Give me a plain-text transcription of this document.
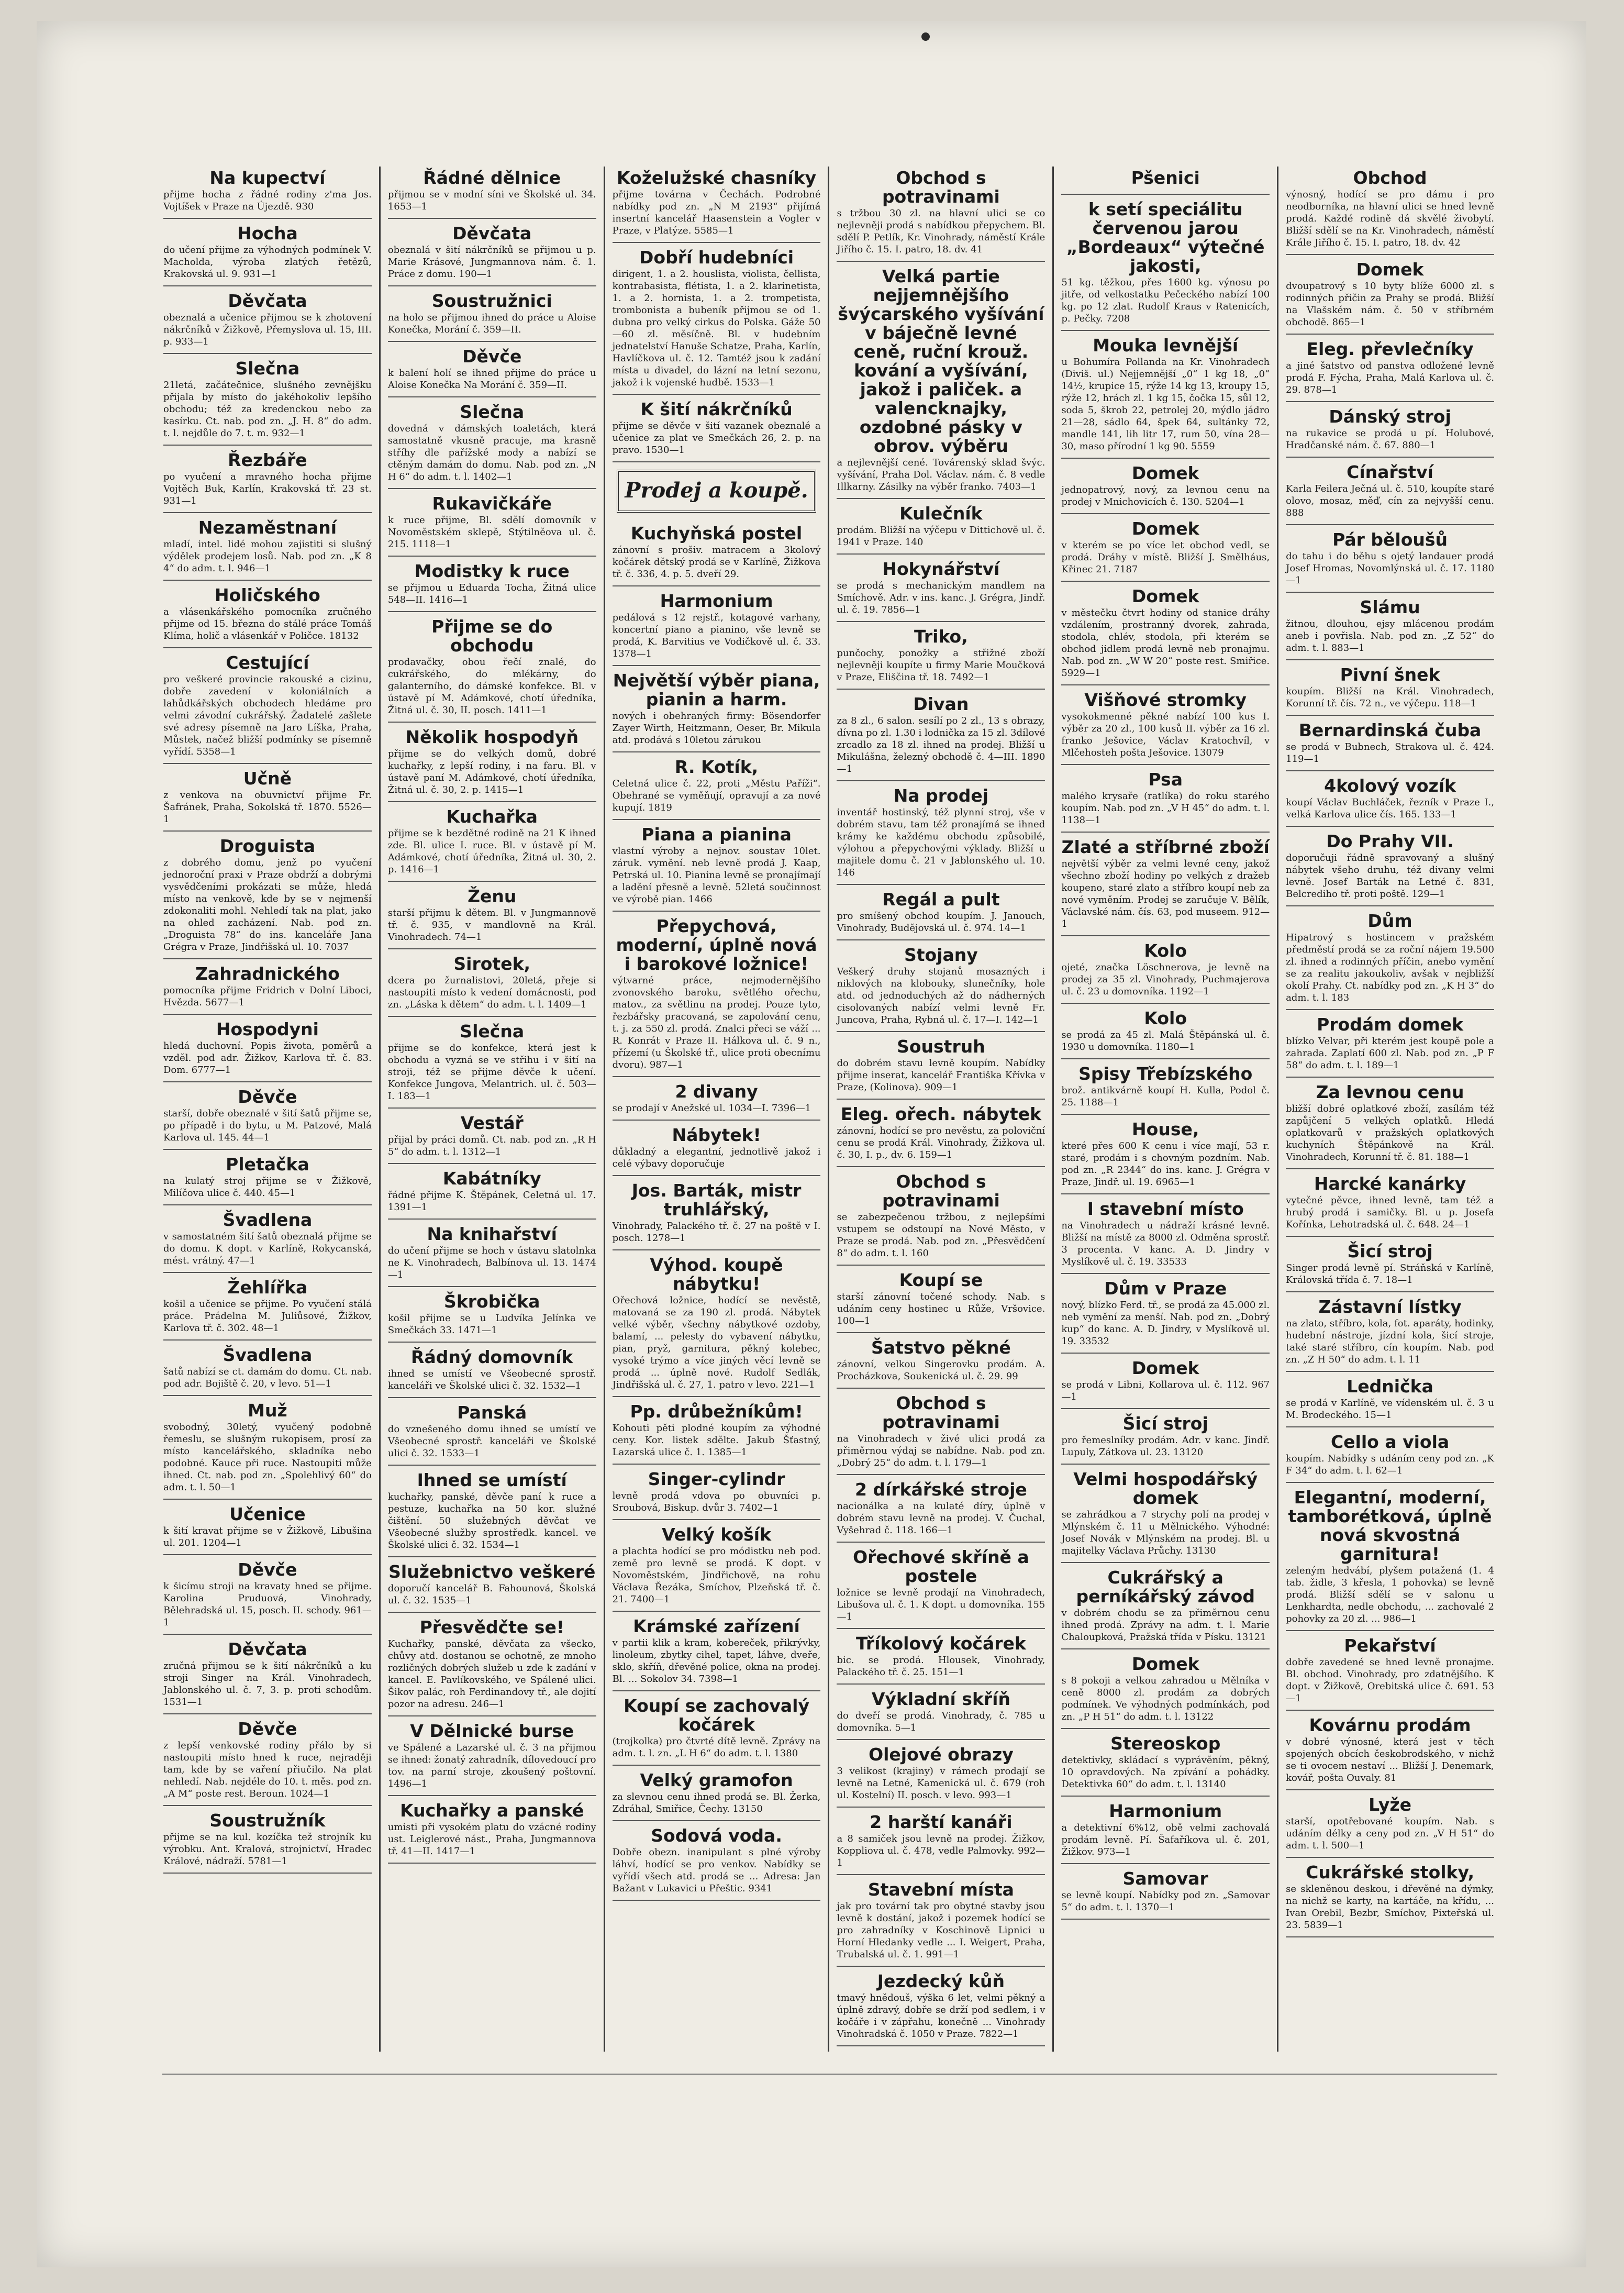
Na kupectví

přijme hocha z řádné rodiny z'ma Jos. Vojtíšek v Praze na Újezdě. 930

Hocha

do učení přijme za výhodných podmínek V. Macholda, výroba zlatých řetězů, Krakovská ul. 9. 931—1

Děvčata

obeznalá a učenice přijmou se k zhotovení nákrčníků v Žižkově, Přemyslova ul. 15, III. p. 933—1

Slečna

21letá, začátečnice, slušného zevnějšku přijala by místo do jakéhokoliv lepšího obchodu; též za kredenckou nebo za kasírku. Ct. nab. pod zn. „J. H. 8“ do adm. t. l. nejdůle do 7. t. m. 932—1

Řezbáře

po vyučení a mravného hocha přijme Vojtěch Buk, Karlín, Krakovská tř. 23 st. 931—1

Nezaměstnaní

mladí, intel. lidé mohou zajistiti si slušný výdělek prodejem losů. Nab. pod zn. „K 8 4“ do adm. t. l. 946—1

Holičského

a vlásenkářského pomocníka zručného přijme od 15. března do stálé práce Tomáš Klíma, holič a vlásenkář v Poličce. 18132

Cestující

pro veškeré provincie rakouské a cizinu, dobře zavedení v koloniálních a lahůdkářských obchodech hledáme pro velmi závodní cukrářský. Žadatelé zašlete své adresy písemně na Jaro Líška, Praha, Můstek, načež bližší podmínky se písemně vyřídí. 5358—1

Učně

z venkova na obuvnictví přijme Fr. Šafránek, Praha, Sokolská tř. 1870. 5526—1

Droguista

z dobrého domu, jenž po vyučení jednoroční praxi v Praze obdrží a dobrými vysvědčeními prokázati se může, hledá místo na venkově, kde by se v nejmenší zdokonaliti mohl. Nehledí tak na plat, jako na ohled zacházení. Nab. pod zn. „Droguista 78“ do ins. kanceláře Jana Grégra v Praze, Jindřišská ul. 10. 7037

Zahradnického

pomocníka přijme Fridrich v Dolní Liboci, Hvězda. 5677—1

Hospodyni

hledá duchovní. Popis života, poměrů a vzděl. pod adr. Žižkov, Karlova tř. č. 83. Dom. 6777—1

Děvče

starší, dobře obeznalé v šití šatů přijme se, po případě i do bytu, u M. Patzové, Malá Karlova ul. 145. 44—1

Pletačka

na kulatý stroj přijme se v Žižkově, Milíčova ulice č. 440. 45—1

Švadlena

v samostatném šití šatů obeznalá přijme se do domu. K dopt. v Karlíně, Rokycanská, mést. vrátný. 47—1

Žehlířka

košil a učenice se přijme. Po vyučení stálá práce. Prádelna M. Juliůsové, Žižkov, Karlova tř. č. 302. 48—1

Švadlena

šatů nabízí se ct. damám do domu. Ct. nab. pod adr. Bojiště č. 20, v levo. 51—1

Muž

svobodný, 30letý, vyučený podobně řemeslu, se slušným rukopisem, prosí za místo kancelářského, skladníka nebo podobné. Kauce při ruce. Nastoupiti může ihned. Ct. nab. pod zn. „Spolehlivý 60“ do adm. t. l. 50—1

Učenice

k šití kravat přijme se v Žižkově, Libušina ul. 201. 1204—1

Děvče

k šicímu stroji na kravaty hned se přijme. Karolina Pruduová, Vinohrady, Bělehradská ul. 15, posch. II. schody. 961—1

Děvčata

zručná přijmou se k šití nákrčníků a ku stroji Singer na Král. Vinohradech, Jablonského ul. č. 7, 3. p. proti schodům. 1531—1

Děvče

z lepší venkovské rodiny přálo by si nastoupiti místo hned k ruce, nejraději tam, kde by se vaření přiučilo. Na plat nehledí. Nab. nejdéle do 10. t. měs. pod zn. „A M“ poste rest. Beroun. 1024—1

Soustružník

přijme se na kul. kozíčka tež strojník ku výrobku. Ant. Kralová, strojnictví, Hradec Králové, nádraží. 5781—1

Řádné dělnice

přijmou se v modní síni ve Školské ul. 34. 1653—1

Děvčata

obeznalá v šití nákrčníků se přijmou u p. Marie Krásové, Jungmannova nám. č. 1. Práce z domu. 190—1

Soustružnici

na holo se přijmou ihned do práce u Aloise Konečka, Morání č. 359—II.

Děvče

k balení holí se ihned přijme do práce u Aloise Konečka Na Morání č. 359—II.

Slečna

dovedná v dámských toaletách, která samostatně vkusně pracuje, ma krasně stříhy dle pařížské mody a nabízí se ctěným damám do domu. Nab. pod zn. „N H 6“ do adm. t. l. 1402—1

Rukavičkáře

k ruce přijme, Bl. sdělí domovník v Novoměstském sklepě, Stýtilněova ul. č. 215. 1118—1

Modistky k ruce

se přijmou u Eduarda Tocha, Žitná ulice 548—II. 1416—1

Přijme se do obchodu

prodavačky, obou řečí znalé, do cukrářského, do mlékárny, do galanterního, do dámské konfekce. Bl. v ústavě pí M. Adámkové, chotí úředníka, Žitná ul. č. 30, II. posch. 1411—1

Několik hospodyň

přijme se do velkých domů, dobré kuchařky, z lepší rodiny, i na faru. Bl. v ústavě paní M. Adámkové, chotí úředníka, Žitná ul. č. 30, 2. p. 1415—1

Kuchařka

přijme se k bezdětné rodině na 21 K ihned zde. Bl. ulice I. ruce. Bl. v ústavě pí M. Adámkové, chotí úředníka, Žitná ul. 30, 2. p. 1416—1

Ženu

starší přijmu k dětem. Bl. v Jungmannově tř. č. 935, v mandlovně na Král. Vinohradech. 74—1

Sirotek,

dcera po žurnalistovi, 20letá, přeje si nastoupiti místo k vedení domácnosti, pod zn. „Láska k dětem“ do adm. t. l. 1409—1

Slečna

přijme se do konfekce, která jest k obchodu a vyzná se ve střihu i v šití na stroji, též se přijme děvče k učení. Konfekce Jungova, Melantrich. ul. č. 503—I. 183—1

Vestář

přijal by práci domů. Ct. nab. pod zn. „R H 5“ do adm. t. l. 1312—1

Kabátníky

řádné přijme K. Štěpánek, Celetná ul. 17. 1391—1

Na knihařství

do učení přijme se hoch v ústavu slatolnka ne K. Vinohradech, Balbínova ul. 13. 1474—1

Škrobička

košil přijme se u Ludvíka Jelínka ve Smečkách 33. 1471—1

Řádný domovník

ihned se umístí ve Všeobecné sprostř. kanceláři ve Školské ulici č. 32. 1532—1

Panská

do vznešeného domu ihned se umístí ve Všeobecné sprostř. kanceláři ve Školské ulici č. 32. 1533—1

Ihned se umístí

kuchařky, panské, děvče paní k ruce a pestuze, kuchařka na 50 kor. služné čištění. 50 služebných děvčat ve Všeobecné služby sprostředk. kancel. ve Školské ulici č. 32. 1534—1

Služebnictvo veškeré

doporučí kancelář B. Fahounová, Školská ul. č. 32. 1535—1

Přesvědčte se!

Kuchařky, panské, děvčata za všecko, chůvy atd. dostanou se ochotně, ze mnoho rozličných dobrých služeb u zde k zadání v kancel. E. Pavlíkovského, ve Spálené ulici. Šikov palác, roh Ferdinandovy tř., ale dojití pozor na adresu. 246—1

V Dělnické burse

ve Spálené a Lazarské ul. č. 3 na přijmou se ihned: žonatý zahradník, dílovedoucí pro tov. na parní stroje, zkoušený poštovní. 1496—1

Kuchařky a panské

umisti při vysokém platu do vzácné rodiny ust. Leiglerové nást., Praha, Jungmannova tř. 41—II. 1417—1

Koželužské chasníky

přijme továrna v Čechách. Podrobné nabídky pod zn. „N M 2193“ přijímá insertní kancelář Haasenstein a Vogler v Praze, v Platýze. 5585—1

Dobří hudebníci

dirigent, 1. a 2. houslista, violista, čellista, kontrabasista, flétista, 1. a 2. klarinetista, 1. a 2. hornista, 1. a 2. trompetista, trombonista a bubeník přijmou se od 1. dubna pro velký cirkus do Polska. Gáže 50—60 zl. měsíčně. Bl. v hudebním jednatelství Hanuše Schatze, Praha, Karlín, Havlíčkova ul. č. 12. Tamtéž jsou k zadání místa u divadel, do lázní na letní sezonu, jakož i k vojenské hudbě. 1533—1

K šití nákrčníků

přijme se děvče v šití vazanek obeznalé a učenice za plat ve Smečkách 26, 2. p. na pravo. 1530—1

Prodej a koupě.
Kuchyňská postel

zánovní s prošiv. matracem a 3kolový kočárek dětský prodá se v Karlíně, Žižkova tř. č. 336, 4. p. 5. dveří 29.

Harmonium

pedálová s 12 rejstř., kotagové varhany, koncertní piano a pianino, vše levně se prodá, K. Barvitius ve Vodičkově ul. č. 33. 1378—1

Největší výběr piana, pianin a harm.

nových i obehraných firmy: Bösendorfer Zayer Wirth, Heitzmann, Oeser, Br. Mikula atd. prodává s 10letou zárukou

R. Kotík,

Celetná ulice č. 22, proti „Městu Paříži“. Obehrané se vyměňují, opravují a za nové kupují. 1819

Piana a pianina

vlastní výroby a nejnov. soustav 10let. záruk. vymění. neb levně prodá J. Kaap, Petrská ul. 10. Pianina levně se pronajímají a ladění přesně a levně. 52letá součinnost ve výrobě pian. 1466

Přepychová, moderní, úplně nová i barokové ložnice!

výtvarné práce, nejmodernějšího zvonovského baroku, světlého ořechu, matov., za světlinu na prodej. Pouze tyto, řezbářsky pracovaná, se zapolování cenu, t. j. za 550 zl. prodá. Znalci přeci se váží ... R. Konrát v Praze II. Hálkova ul. č. 9 n., přízemí (u Školské tř., ulice proti obecnímu dvoru). 987—1

2 divany

se prodají v Anežské ul. 1034—I. 7396—1

Nábytek!

důkladný a elegantní, jednotlivě jakož i celé výbavy doporučuje

Jos. Barták, mistr truhlářský,

Vinohrady, Palackého tř. č. 27 na poště v I. posch. 1278—1

Výhod. koupě nábytku!

Ořechová ložnice, hodící se nevěstě, matovaná se za 190 zl. prodá. Nábytek velké výběr, všechny nábytkové ozdoby, balamí, ... pelesty do vybavení nábytku, pian, pryž, garnitura, pěkný kolebec, vysoké trýmo a více jiných věcí levně se prodá ... úplně nové. Rudolf Sedlák, Jindřišská ul. č. 27, 1. patro v levo. 221—1

Pp. drůbežníkům!

Kohouti pěti plodné koupím za výhodné ceny. Kor. listek sdělte. Jakub Šťastný, Lazarská ulice č. 1. 1385—1

Singer-cylindr

levně prodá vdova po obuvníci p. Sroubová, Biskup. dvůr 3. 7402—1

Velký košík

a plachta hodící se pro módistku neb pod. země pro levně se prodá. K dopt. v Novoměstském, Jindřichově, na rohu Václava Řezáka, Smíchov, Plzeňská tř. č. 21. 7400—1

Krámské zařízení

v partii klik a kram, kobereček, přikrývky, linoleum, zbytky cihel, tapet, láhve, dveře, sklo, skříň, dřevěné police, okna na prodej. Bl. ... Sokolov 34. 7398—1

Koupí se zachovalý kočárek

(trojkolka) pro čtvrté dítě levně. Zprávy na adm. t. l. zn. „L H 6“ do adm. t. l. 1380

Velký gramofon

za slevnou cenu ihned prodá se. Bl. Žerka, Zdráhal, Smiřice, Čechy. 13150

Sodová voda.

Dobře obezn. inanipulant s plné výroby láhví, hodící se pro venkov. Nabídky se vyřídí všech atd. prodá se ... Adresa: Jan Bažant v Lukavici u Přeštic. 9341

Obchod s potravinami

s tržbou 30 zl. na hlavní ulici se co nejlevněji prodá s nabídkou přepychem. Bl. sdělí P. Petlík, Kr. Vinohrady, náměstí Krále Jiřího č. 15. I. patro, 18. dv. 41

Velká partie nejjemnějšího švýcarského vyšívání v báječně levné ceně, ruční krouž. kování a vyšívání, jakož i paliček. a valencknajky, ozdobné pásky v obrov. výběru

a nejlevnější cené. Továrenský sklad švýc. vyšívání, Praha Dol. Václav. nám. č. 8 vedle Illkarny. Zásilky na výběr franko. 7403—1

Kulečník

prodám. Bližší na výčepu v Dittichově ul. č. 1941 v Praze. 140

Hokynářství

se prodá s mechanickým mandlem na Smíchově. Adr. v ins. kanc. J. Grégra, Jindř. ul. č. 19. 7856—1

Triko,

punčochy, ponožky a střižné zboží nejlevněji koupíte u firmy Marie Moučková v Praze, Eliščina tř. 18. 7492—1

Divan

za 8 zl., 6 salon. sesílí po 2 zl., 13 s obrazy, dívna po zl. 1.30 i lodnička za 15 zl. 3dílové zrcadlo za 18 zl. ihned na prodej. Bližší u Mikulášna, železný obchodě č. 4—III. 1890—1

Na prodej

inventář hostinský, též plynní stroj, vše v dobrém stavu, tam též pronajímá se ihned krámy ke každému obchodu způsobilé, výlohou a přepychovými výklady. Bližší u majitele domu č. 21 v Jablonského ul. 10. 146

Regál a pult

pro smíšený obchod koupím. J. Janouch, Vinohrady, Budějovská ul. č. 974. 14—1

Stojany

Veškerý druhy stojanů mosazných i niklových na klobouky, slunečníky, hole atd. od jednoduchých až do nádherných cisolovaných nabízí velmi levně Fr. Juncova, Praha, Rybná ul. č. 17—I. 142—1

Soustruh

do dobrém stavu levně koupím. Nabídky přijme inserat, kancelář Františka Křívka v Praze, (Kolinova). 909—1

Eleg. ořech. nábytek

zánovní, hodící se pro nevěstu, za poloviční cenu se prodá Král. Vinohrady, Žižkova ul. č. 30, I. p., dv. 6. 159—1

Obchod s potravinami

se zabezpečenou tržbou, z nejlepšími vstupem se odstoupí na Nové Město, v Praze se prodá. Nab. pod zn. „Přesvědčení 8“ do adm. t. l. 160

Koupí se

starší zánovní točené schody. Nab. s udáním ceny hostinec u Růže, Vršovice. 100—1

Šatstvo pěkné

zánovní, velkou Singerovku prodám. A. Procházkova, Soukenická ul. č. 29. 99

Obchod s potravinami

na Vinohradech v živé ulici prodá za přiměrnou výdaj se nabídne. Nab. pod zn. „Dobrý 25“ do adm. t. l. 179—1

2 dírkářské stroje

nacionálka a na kulaté díry, úplně v dobrém stavu levně na prodej. V. Čuchal, Vyšehrad č. 118. 166—1

Ořechové skříně a postele

ložnice se levně prodají na Vinohradech, Libušova ul. č. 1. K dopt. u domovníka. 155—1

Tříkolový kočárek

bic. se prodá. Hlousek, Vinohrady, Palackého tř. č. 25. 151—1

Výkladní skříň

do dveří se prodá. Vinohrady, č. 785 u domovníka. 5—1

Olejové obrazy

3 velikost (krajiny) v rámech prodají se levně na Letné, Kamenická ul. č. 679 (roh ul. Kostelní) II. posch. v levo. 993—1

2 harští kanáři

a 8 samiček jsou levně na prodej. Žižkov, Koppliova ul. č. 478, vedle Palmovky. 992—1

Stavební místa

jak pro tovární tak pro obytné stavby jsou levně k dostání, jakož i pozemek hodící se pro zahradníky v Koschinově Lipnici u Horní Hledanky vedle ... I. Weigert, Praha, Trubalská ul. č. 1. 991—1

Jezdecký kůň

tmavý hnědouš, výška 6 let, velmi pěkný a úplně zdravý, dobře se drží pod sedlem, i v kočáře i v zápřahu, konečně ... Vinohrady Vinohradská č. 1050 v Praze. 7822—1

Pšenici
k setí speciálitu červenou jarou „Bordeaux“ výtečné jakosti,

51 kg. těžkou, přes 1600 kg. výnosu po jitře, od velkostatku Pečeckého nabízí 100 kg. po 12 zlat. Rudolf Kraus v Ratenicích, p. Pečky. 7208

Mouka levnější

u Bohumíra Pollanda na Kr. Vinohradech (Diviš. ul.) Nejjemnější „0“ 1 kg 18, „0“ 14½, krupice 15, rýže 14 kg 13, kroupy 15, rýže 12, hrách zl. 1 kg 15, čočka 15, sůl 12, soda 5, škrob 22, petrolej 20, mýdlo jádro 21—28, sádlo 64, špek 64, sultánky 72, mandle 141, lih litr 17, rum 50, vína 28—30, maso přírodní 1 kg 90. 5559

Domek

jednopatrový, nový, za levnou cenu na prodej v Mnichovicích č. 130. 5204—1

Domek

v kterém se po více let obchod vedl, se prodá. Dráhy v místě. Bližší J. Smělháus, Křinec 21. 7187

Domek

v městečku čtvrt hodiny od stanice dráhy vzdálením, prostranný dvorek, zahrada, stodola, chlév, stodola, při kterém se obchod jidlem prodá levně neb pronajmu. Nab. pod zn. „W W 20“ poste rest. Smiřice. 5929—1

Višňové stromky

vysokokmenné pěkné nabízí 100 kus I. výběr za 20 zl., 100 kusů II. výběr za 16 zl. franko Ješovice, Václav Kratochvíl, v Mlčehosteh pošta Ješovice. 13079

Psa

malého krysaře (ratlíka) do roku starého koupím. Nab. pod zn. „V H 45“ do adm. t. l. 1138—1

Zlaté a stříbrné zboží

největší výběr za velmi levné ceny, jakož všechno zboží hodiny po velkých z dražeb koupeno, staré zlato a stříbro koupí neb za nové vyměním. Prodej se zaručuje V. Bělík, Václavské nám. čís. 63, pod museem. 912—1

Kolo

ojeté, značka Löschnerova, je levně na prodej za 35 zl. Vinohrady, Puchmajerova ul. č. 23 u domovníka. 1192—1

Kolo

se prodá za 45 zl. Malá Štěpánská ul. č. 1930 u domovníka. 1180—1

Spisy Třebízského

brož. antikvárně koupí H. Kulla, Podol č. 25. 1188—1

House,

které přes 600 K cenu i více mají, 53 r. staré, prodám i s chovným pozdním. Nab. pod zn. „R 2344“ do ins. kanc. J. Grégra v Praze, Jindř. ul. 19. 6965—1

I stavební místo

na Vinohradech u nádraží krásné levně. Bližší na místě za 8000 zl. Odměna sprostř. 3 procenta. V kanc. A. D. Jindry v Myslíkově ul. č. 19. 33533

Dům v Praze

nový, blízko Ferd. tř., se prodá za 45.000 zl. neb vymění za menší. Nab. pod zn. „Dobrý kup“ do kanc. A. D. Jindry, v Myslíkově ul. 19. 33532

Domek

se prodá v Libni, Kollarova ul. č. 112. 967—1

Šicí stroj

pro řemeslníky prodám. Adr. v kanc. Jindř. Lupuly, Zátkova ul. 23. 13120

Velmi hospodářský domek

se zahrádkou a 7 strychy polí na prodej v Mlýnském č. 11 u Mělnického. Výhodné: Josef Novák v Mlýnském na prodej. Bl. u majitelky Václava Průchy. 13130

Cukrářský a perníkářský závod

v dobrém chodu se za přiměrnou cenu ihned prodá. Zprávy na adm. t. l. Marie Chaloupková, Pražská třída v Písku. 13121

Domek

s 8 pokoji a velkou zahradou u Mělníka v ceně 8000 zl. prodám za dobrých podmínek. Ve výhodných podmínkách, pod zn. „P H 51“ do adm. t. l. 13122

Stereoskop

detektivky, skládací s vyprávěním, pěkný, 10 opravdových. Na zpívání a pohádky. Detektivka 60“ do adm. t. l. 13140

Harmonium

a detektivní 6%12, obě velmi zachovalá prodám levně. Pí. Šafaříkova ul. č. 201, Žižkov. 973—1

Samovar

se levně koupí. Nabídky pod zn. „Samovar 5“ do adm. t. l. 1370—1

Obchod

výnosný, hodící se pro dámu i pro neodborníka, na hlavní ulici se hned levně prodá. Každé rodině dá skvělé živobytí. Bližší sdělí se na Kr. Vinohradech, náměstí Krále Jiřího č. 15. I. patro, 18. dv. 42

Domek

dvoupatrový s 10 byty blíže 6000 zl. s rodinných přičin za Prahy se prodá. Bližší na Vlašském nám. č. 50 v stříbrném obchodě. 865—1

Eleg. převlečníky

a jiné šatstvo od panstva odložené levně prodá F. Fýcha, Praha, Malá Karlova ul. č. 29. 878—1

Dánský stroj

na rukavice se prodá u pí. Holubové, Hradčanské nám. č. 67. 880—1

Cínařství

Karla Feilera Ječná ul. č. 510, koupíte staré olovo, mosaz, měď, cín za nejvyšší cenu. 888

Pár běloušů

do tahu i do běhu s ojetý landauer prodá Josef Hromas, Novomlýnská ul. č. 17. 1180—1

Slámu

žitnou, dlouhou, ejsy mlácenou prodám aneb i povřisla. Nab. pod zn. „Z 52“ do adm. t. l. 883—1

Pivní šnek

koupím. Bližší na Král. Vinohradech, Korunní tř. čís. 72 n., ve výčepu. 118—1

Bernardinská čuba

se prodá v Bubnech, Strakova ul. č. 424. 119—1

4kolový vozík

koupí Václav Buchláček, řezník v Praze I., velká Karlova ulice čís. 165. 133—1

Do Prahy VII.

doporučuji řádně spravovaný a slušný nábytek všeho druhu, též divany velmi levně. Josef Barták na Letné č. 831, Belcrediho tř. proti poště. 129—1

Dům

Hipatrový s hostincem v pražském předměstí prodá se za roční nájem 19.500 zl. ihned a rodinných příčin, anebo vymění se za realitu jakoukoliv, avšak v nejbližší okolí Prahy. Ct. nabídky pod zn. „K H 3“ do adm. t. l. 183

Prodám domek

blízko Velvar, při kterém jest koupě pole a zahrada. Zaplatí 600 zl. Nab. pod zn. „P F 58“ do adm. t. l. 189—1

Za levnou cenu

bližší dobré oplatkové zboží, zasílám též zapůjčení 5 velkých oplatků. Hledá oplatkovarů v pražských oplatkových kuchyních Štěpánkově na Král. Vinohradech, Korunní tř. č. 81. 188—1

Harcké kanárky

vytečné pěvce, ihned levně, tam též a hrubý prodá i samičky. Bl. u p. Josefa Kořínka, Lehotradská ul. č. 648. 24—1

Šicí stroj

Singer prodá levně pí. Stráňská v Karlíně, Královská třída č. 7. 18—1

Zástavní lístky

na zlato, stříbro, kola, fot. aparáty, hodinky, hudební nástroje, jízdní kola, šicí stroje, také staré stříbro, cín koupím. Nab. pod zn. „Z H 50“ do adm. t. l. 11

Lednička

se prodá v Karlíně, ve vídenském ul. č. 3 u M. Brodeckého. 15—1

Cello a viola

koupím. Nabídky s udáním ceny pod zn. „K F 34“ do adm. t. l. 62—1

Elegantní, moderní, tamborétková, úplně nová skvostná garnitura!

zeleným hedvábí, plyšem potažená (1. 4 tab. židle, 3 křesla, 1 pohovka) se levně prodá. Bližší sdělí se v salonu u Lenkhardta, nedle obchodu, ... zachovalé 2 pohovky za 20 zl. ... 986—1

Pekařství

dobře zavedené se hned levně pronajme. Bl. obchod. Vinohrady, pro zdatnějšího. K dopt. v Žižkově, Orebitská ulice č. 691. 53—1

Kovárnu prodám

v dobré výnosné, která jest v těch spojených obcích českobrodského, v nichž se ti ovocem nestaví ... Bližší J. Denemark, kovář, pošta Ouvaly. 81

Lyže

starší, opotřebované koupím. Nab. s udáním délky a ceny pod zn. „V H 51“ do adm. t. l. 500—1

Cukrářské stolky,

se skleněnou deskou, i dřevěné na dýmky, na nichž se karty, na kartáče, na křídu, ... Ivan Orebil, Bezbr, Smíchov, Pixteřská ul. 23. 5839—1
